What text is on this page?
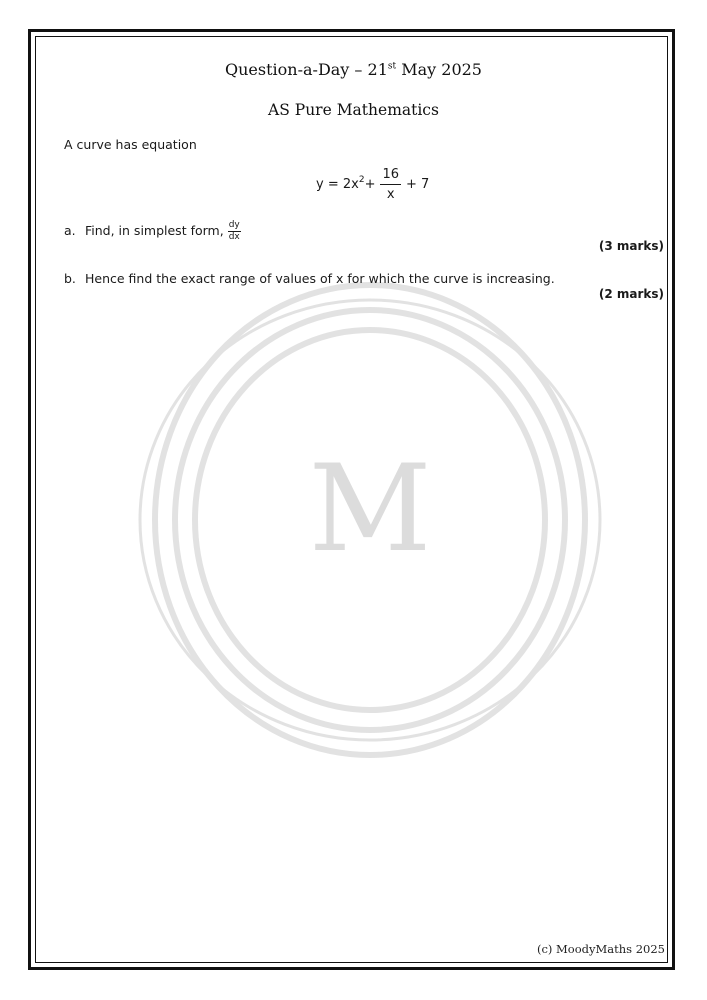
M
Question-a-Day – 21st May 2025
AS Pure Mathematics
A curve has equation
$y = 2x^2 + \frac{16}{x} + 7$
a. Find, in simplest form, $\frac{dy}{dx}$
(3 marks)
b. Hence find the exact range of values of x for which the curve is increasing.
(2 marks)
(c) MoodyMaths 2025
